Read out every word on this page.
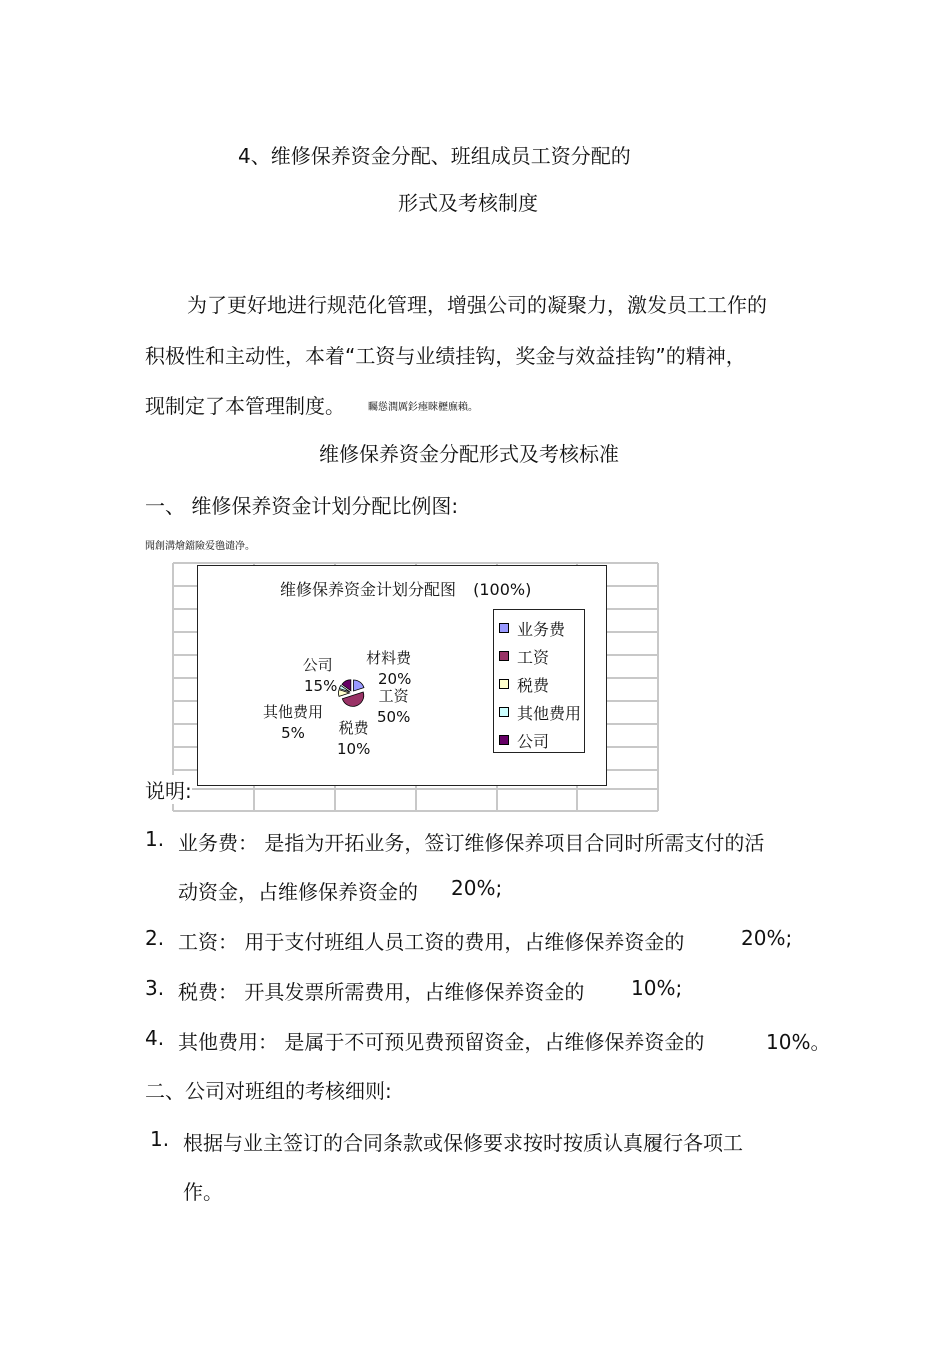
4、维修保养资金分配、班组成员工资分配的
形式及考核制度
为了更好地进行规范化管理，增强公司的凝聚力，激发员工工作的
积极性和主动性，本着“工资与业绩挂钩，奖金与效益挂钩”的精神，
现制定了本管理制度。 矚慫潤厲釤瘞睞櫪廡賴。
维修保养资金分配形式及考核标准
一、 维修保养资金计划分配比例图:
聞創溝燴鐺險爱氇谴净。
维修保养资金计划分配图 (100%)
材料费
20%
工资
50%
税费
10%
其他费用
5%
公司
15%
业务费
工资
税费
其他费用
公司
说明:
1. 业务费： 是指为开拓业务，签订维修保养项目合同时所需支付的活
动资金，占维修保养资金的 20%;
2. 工资： 用于支付班组人员工资的费用，占维修保养资金的	20%;
3. 税费： 开具发票所需费用，占维修保养资金的 10%;
4. 其他费用： 是属于不可预见费预留资金，占维修保养资金的	10%。
二、公司对班组的考核细则:
1. 根据与业主签订的合同条款或保修要求按时按质认真履行各项工
作。
